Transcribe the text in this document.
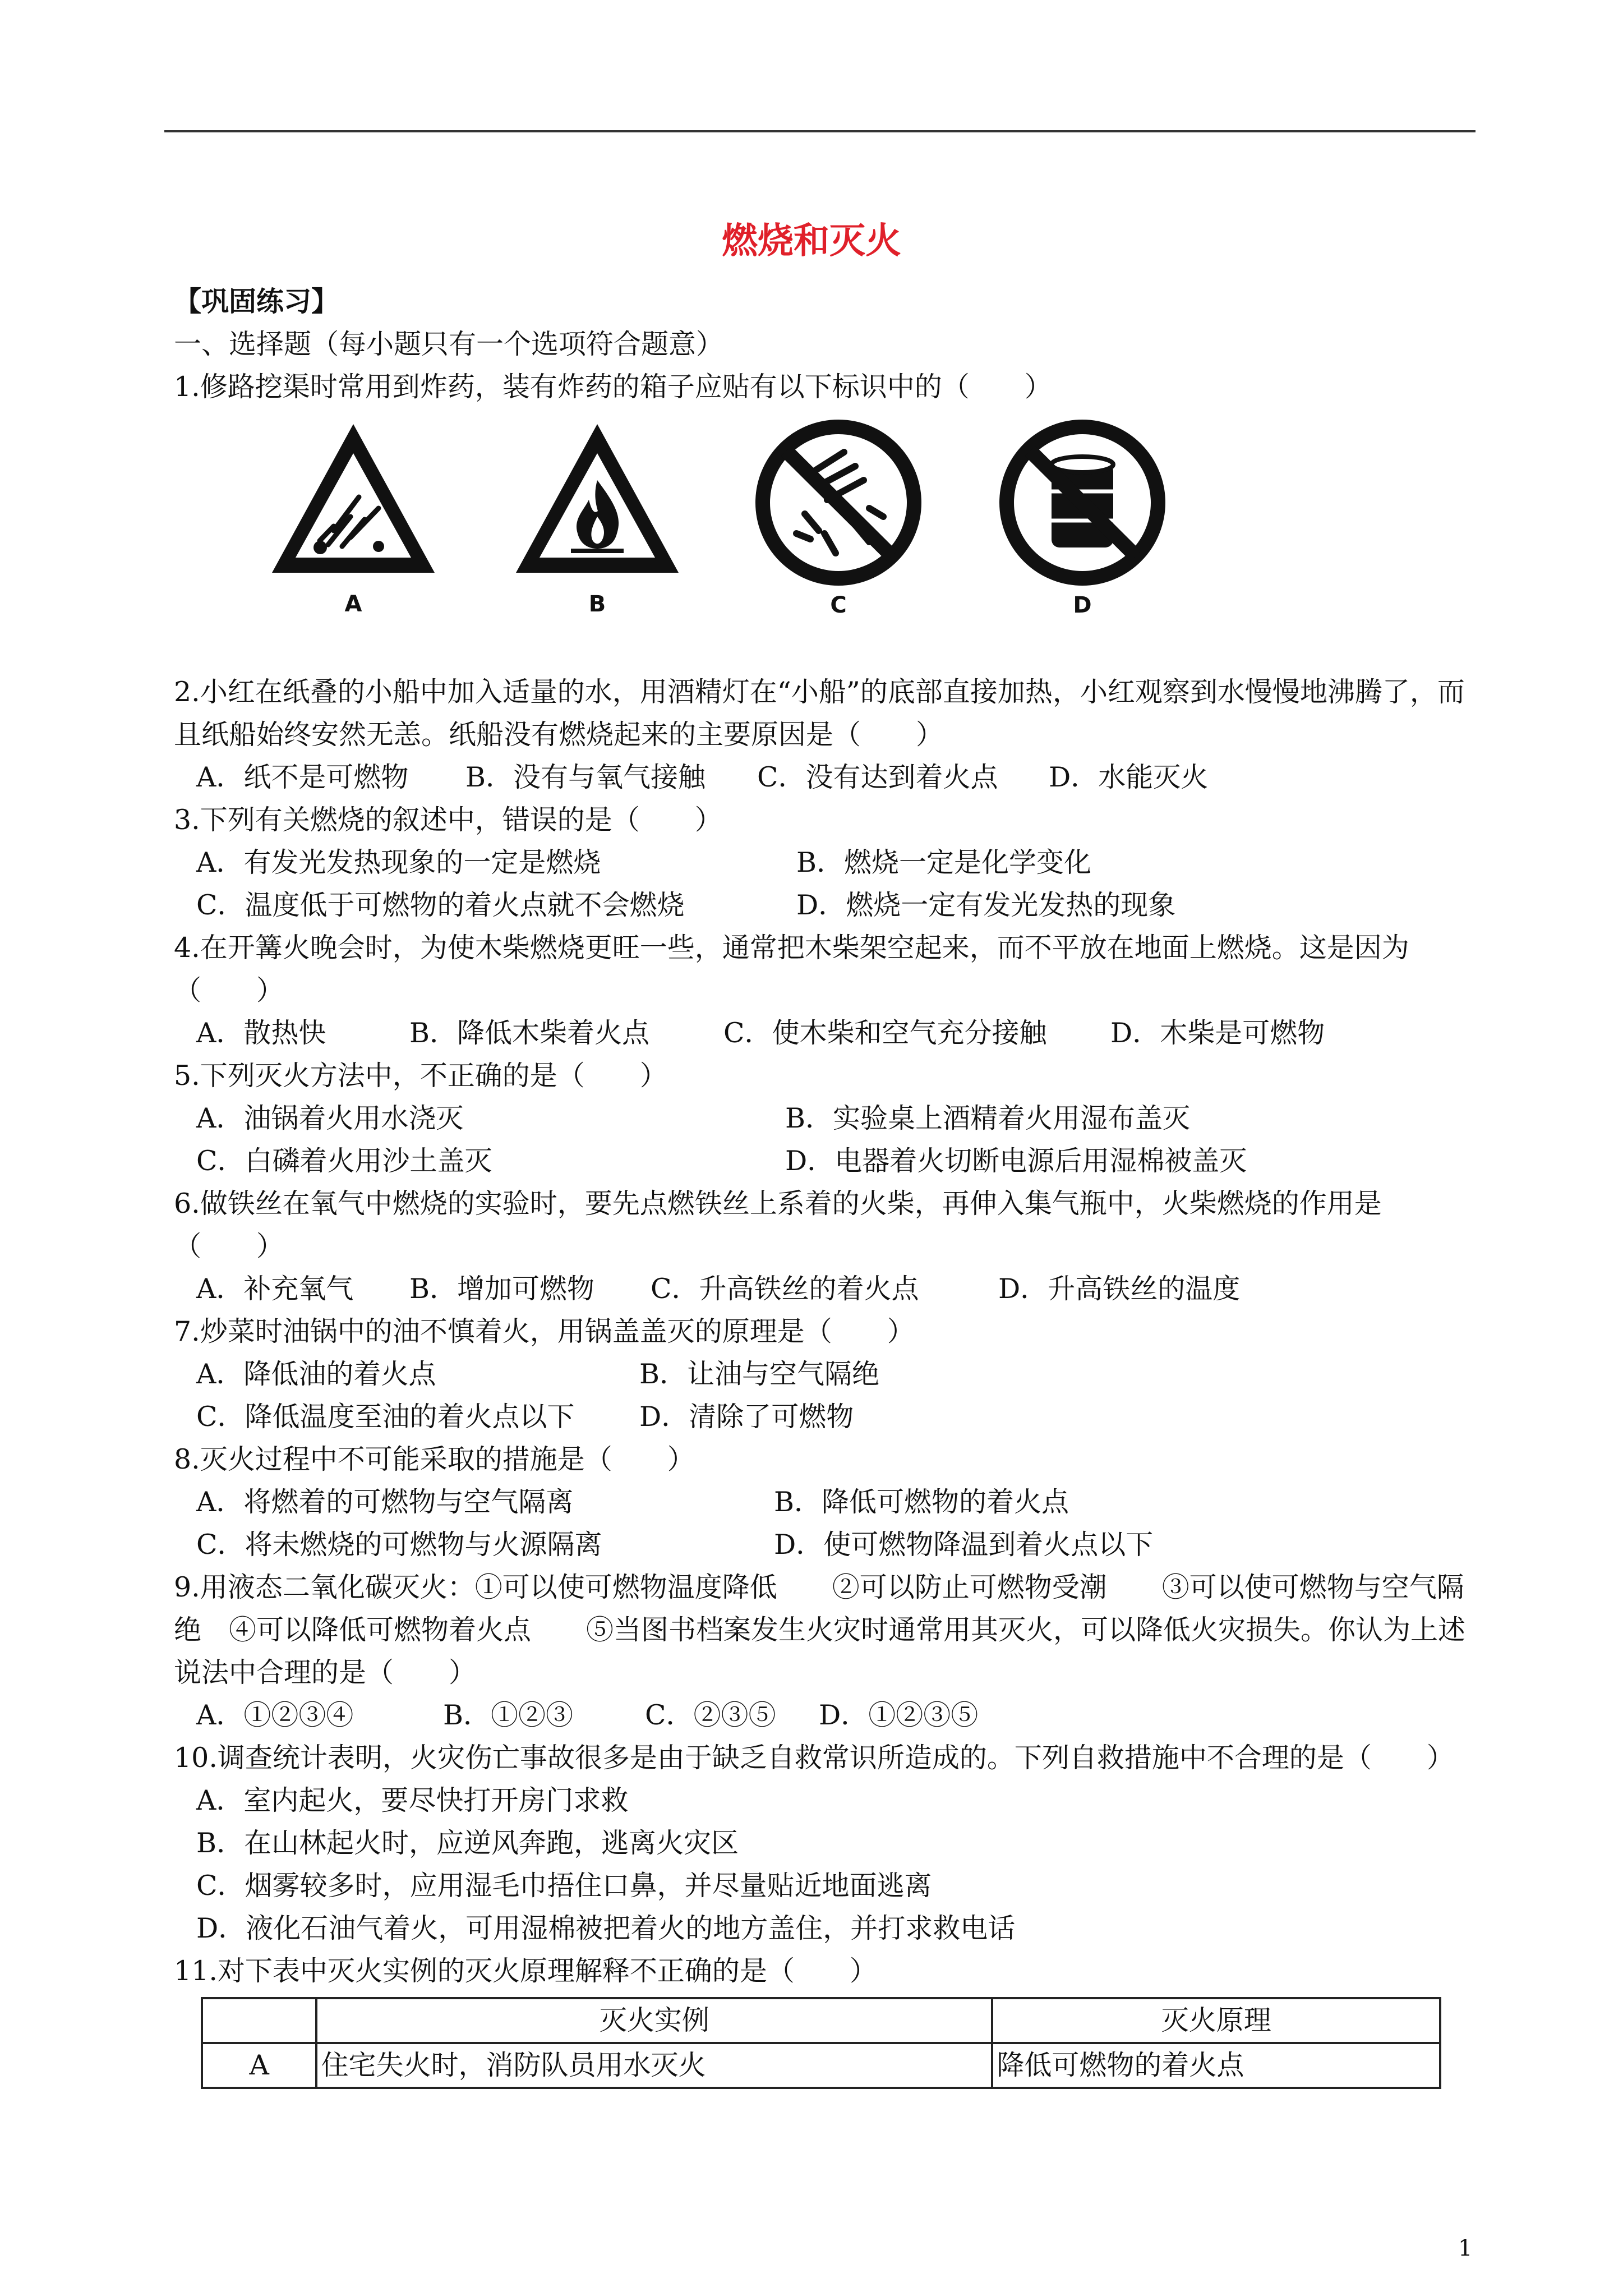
燃烧和灭火
【巩固练习】
一、选择题（每小题只有一个选项符合题意）
1.修路挖渠时常用到炸药，装有炸药的箱子应贴有以下标识中的（　　）
A	B	C	D
2.小红在纸叠的小船中加入适量的水，用酒精灯在“小船”的底部直接加热，小红观察到水慢慢地沸腾了，而且纸船始终安然无恙。纸船没有燃烧起来的主要原因是（　　）
A．纸不是可燃物	B．没有与氧气接触	C．没有达到着火点	D．水能灭火
3.下列有关燃烧的叙述中，错误的是（　　）
A．有发光发热现象的一定是燃烧	B．燃烧一定是化学变化
C．温度低于可燃物的着火点就不会燃烧	D．燃烧一定有发光发热的现象
4.在开篝火晚会时，为使木柴燃烧更旺一些，通常把木柴架空起来，而不平放在地面上燃烧。这是因为（　　）
A．散热快	B．降低木柴着火点	C．使木柴和空气充分接触	D．木柴是可燃物
5.下列灭火方法中，不正确的是（　　）
A．油锅着火用水浇灭	B．实验桌上酒精着火用湿布盖灭
C．白磷着火用沙土盖灭	D．电器着火切断电源后用湿棉被盖灭
6.做铁丝在氧气中燃烧的实验时，要先点燃铁丝上系着的火柴，再伸入集气瓶中，火柴燃烧的作用是（　　）
A．补充氧气	B．增加可燃物	C．升高铁丝的着火点	D．升高铁丝的温度
7.炒菜时油锅中的油不慎着火，用锅盖盖灭的原理是（　　）
A．降低油的着火点	B．让油与空气隔绝
C．降低温度至油的着火点以下	D．清除了可燃物
8.灭火过程中不可能采取的措施是（　　）
A．将燃着的可燃物与空气隔离	B．降低可燃物的着火点
C．将未燃烧的可燃物与火源隔离	D．使可燃物降温到着火点以下
9.用液态二氧化碳灭火：①可以使可燃物温度降低　　②可以防止可燃物受潮　　③可以使可燃物与空气隔绝　④可以降低可燃物着火点　　⑤当图书档案发生火灾时通常用其灭火，可以降低火灾损失。你认为上述说法中合理的是（　　）
A．①②③④	B．①②③	C．②③⑤	D．①②③⑤
10.调查统计表明，火灾伤亡事故很多是由于缺乏自救常识所造成的。下列自救措施中不合理的是（　　）
A．室内起火，要尽快打开房门求救
B．在山林起火时，应逆风奔跑，逃离火灾区
C．烟雾较多时，应用湿毛巾捂住口鼻，并尽量贴近地面逃离
D．液化石油气着火，可用湿棉被把着火的地方盖住，并打求救电话
11.对下表中灭火实例的灭火原理解释不正确的是（　　）
	灭火实例	灭火原理
A	住宅失火时，消防队员用水灭火	降低可燃物的着火点
1
